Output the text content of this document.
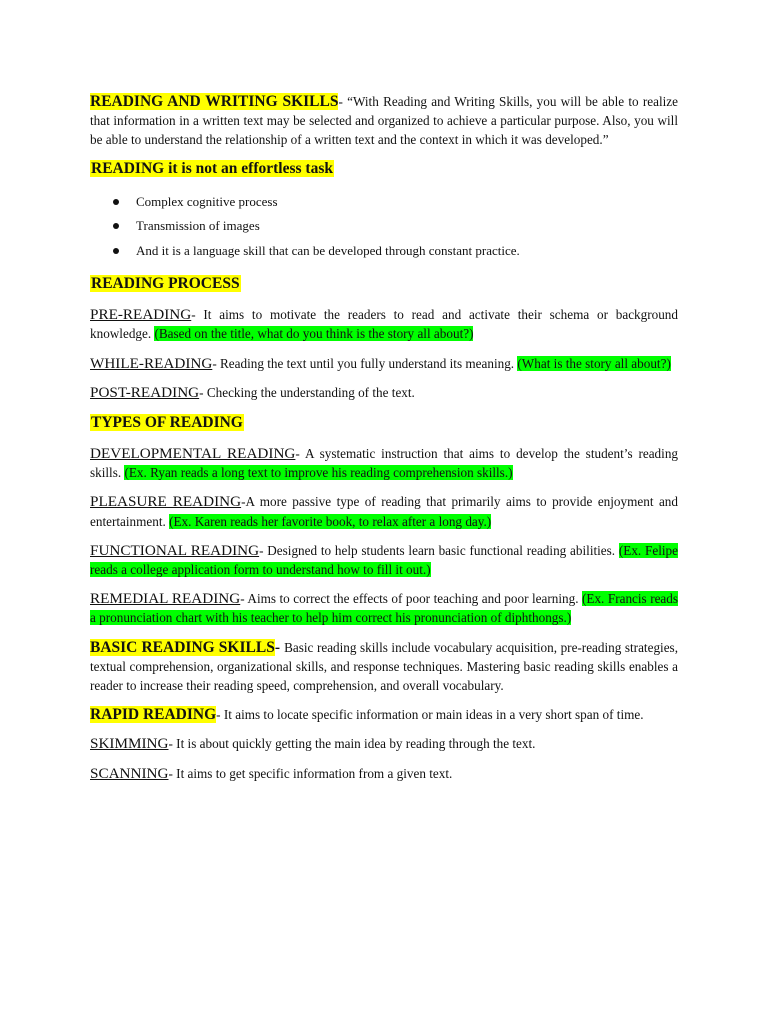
READING AND WRITING SKILLS- “With Reading and Writing Skills, you will be able to realize that information in a written text may be selected and organized to achieve a particular purpose. Also, you will be able to understand the relationship of a written text and the context in which it was developed.”

READING it is not an effortless task

Complex cognitive process
Transmission of images
And it is a language skill that can be developed through constant practice.

READING PROCESS

PRE-READING- It aims to motivate the readers to read and activate their schema or background knowledge. (Based on the title, what do you think is the story all about?)

WHILE-READING- Reading the text until you fully understand its meaning. (What is the story all about?)

POST-READING- Checking the understanding of the text.

TYPES OF READING

DEVELOPMENTAL READING- A systematic instruction that aims to develop the student’s reading skills. (Ex. Ryan reads a long text to improve his reading comprehension skills.)

PLEASURE READING-A more passive type of reading that primarily aims to provide enjoyment and entertainment. (Ex. Karen reads her favorite book, to relax after a long day.)

FUNCTIONAL READING- Designed to help students learn basic functional reading abilities. (Ex. Felipe reads a college application form to understand how to fill it out.)

REMEDIAL READING- Aims to correct the effects of poor teaching and poor learning. (Ex. Francis reads a pronunciation chart with his teacher to help him correct his pronunciation of diphthongs.)

BASIC READING SKILLS- Basic reading skills include vocabulary acquisition, pre-reading strategies, textual comprehension, organizational skills, and response techniques. Mastering basic reading skills enables a reader to increase their reading speed, comprehension, and overall vocabulary.

RAPID READING- It aims to locate specific information or main ideas in a very short span of time.

SKIMMING- It is about quickly getting the main idea by reading through the text.

SCANNING- It aims to get specific information from a given text.
